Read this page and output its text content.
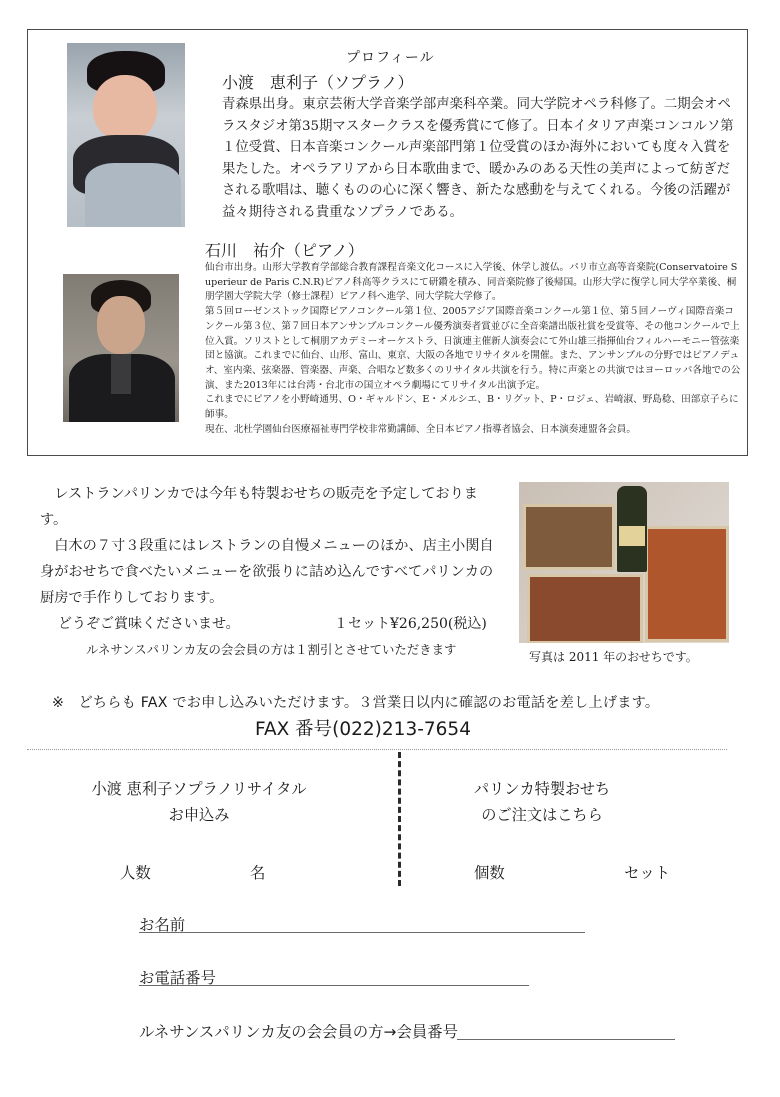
プロフィール
小渡　恵利子（ソプラノ）

青森県出身。東京芸術大学音楽学部声楽科卒業。同大学院オペラ科修了。二期会オペラスタジオ第35期マスタークラスを優秀賞にて修了。日本イタリア声楽コンコルソ第１位受賞、日本音楽コンクール声楽部門第１位受賞のほか海外においても度々入賞を果たした。オペラアリアから日本歌曲まで、暖かみのある天性の美声によって紡ぎだされる歌唱は、聴くものの心に深く響き、新たな感動を与えてくれる。今後の活躍が益々期待される貴重なソプラノである。

石川　祐介（ピアノ）

仙台市出身。山形大学教育学部総合教育課程音楽文化コースに入学後、休学し渡仏。パリ市立高等音楽院(Conservatoire Superieur de Paris C.N.R)ピアノ科高等クラスにて研鑽を積み、同音楽院修了後帰国。山形大学に復学し同大学卒業後、桐朋学園大学院大学（修士課程）ピアノ科へ進学、同大学院大学修了。

第５回ローゼンストック国際ピアノコンクール第１位、2005アジア国際音楽コンクール第１位、第５回ノーヴィ国際音楽コンクール第３位、第７回日本アンサンブルコンクール優秀演奏者賞並びに全音楽譜出版社賞を受賞等、その他コンクールで上位入賞。ソリストとして桐朋アカデミーオーケストラ、日演連主催新人演奏会にて外山雄三指揮仙台フィルハーモニー管弦楽団と協演。これまでに仙台、山形、富山、東京、大阪の各地でリサイタルを開催。また、アンサンブルの分野ではピアノデュオ、室内楽、弦楽器、管楽器、声楽、合唱など数多くのリサイタル共演を行う。特に声楽との共演ではヨーロッパ各地での公演、また2013年には台湾・台北市の国立オペラ劇場にてリサイタル出演予定。

これまでにピアノを小野崎通男、O・ギャルドン、E・メルシエ、B・リグット、P・ロジェ、岩崎淑、野島稔、田部京子らに師事。

現在、北杜学園仙台医療福祉専門学校非常勤講師、全日本ピアノ指導者協会、日本演奏連盟各会員。

レストランパリンカでは今年も特製おせちの販売を予定しております。

白木の７寸３段重にはレストランの自慢メニューのほか、店主小関自身がおせちで食べたいメニューを欲張りに詰め込んですべてパリンカの厨房で手作りしております。

どうぞご賞味くださいませ。	１セット¥26,250(税込)
ルネサンスパリンカ友の会会員の方は１割引とさせていただきます	写真は 2011 年のおせちです。
※　どちらも FAX でお申し込みいただけます。３営業日以内に確認のお電話を差し上げます。
FAX 番号(022)213-7654
小渡 恵利子ソプラノリサイタル
お申込み
パリンカ特製おせち
のご注文はこちら
人数	名	個数	セット
お名前
お電話番号
ルネサンスパリンカ友の会会員の方→会員番号
